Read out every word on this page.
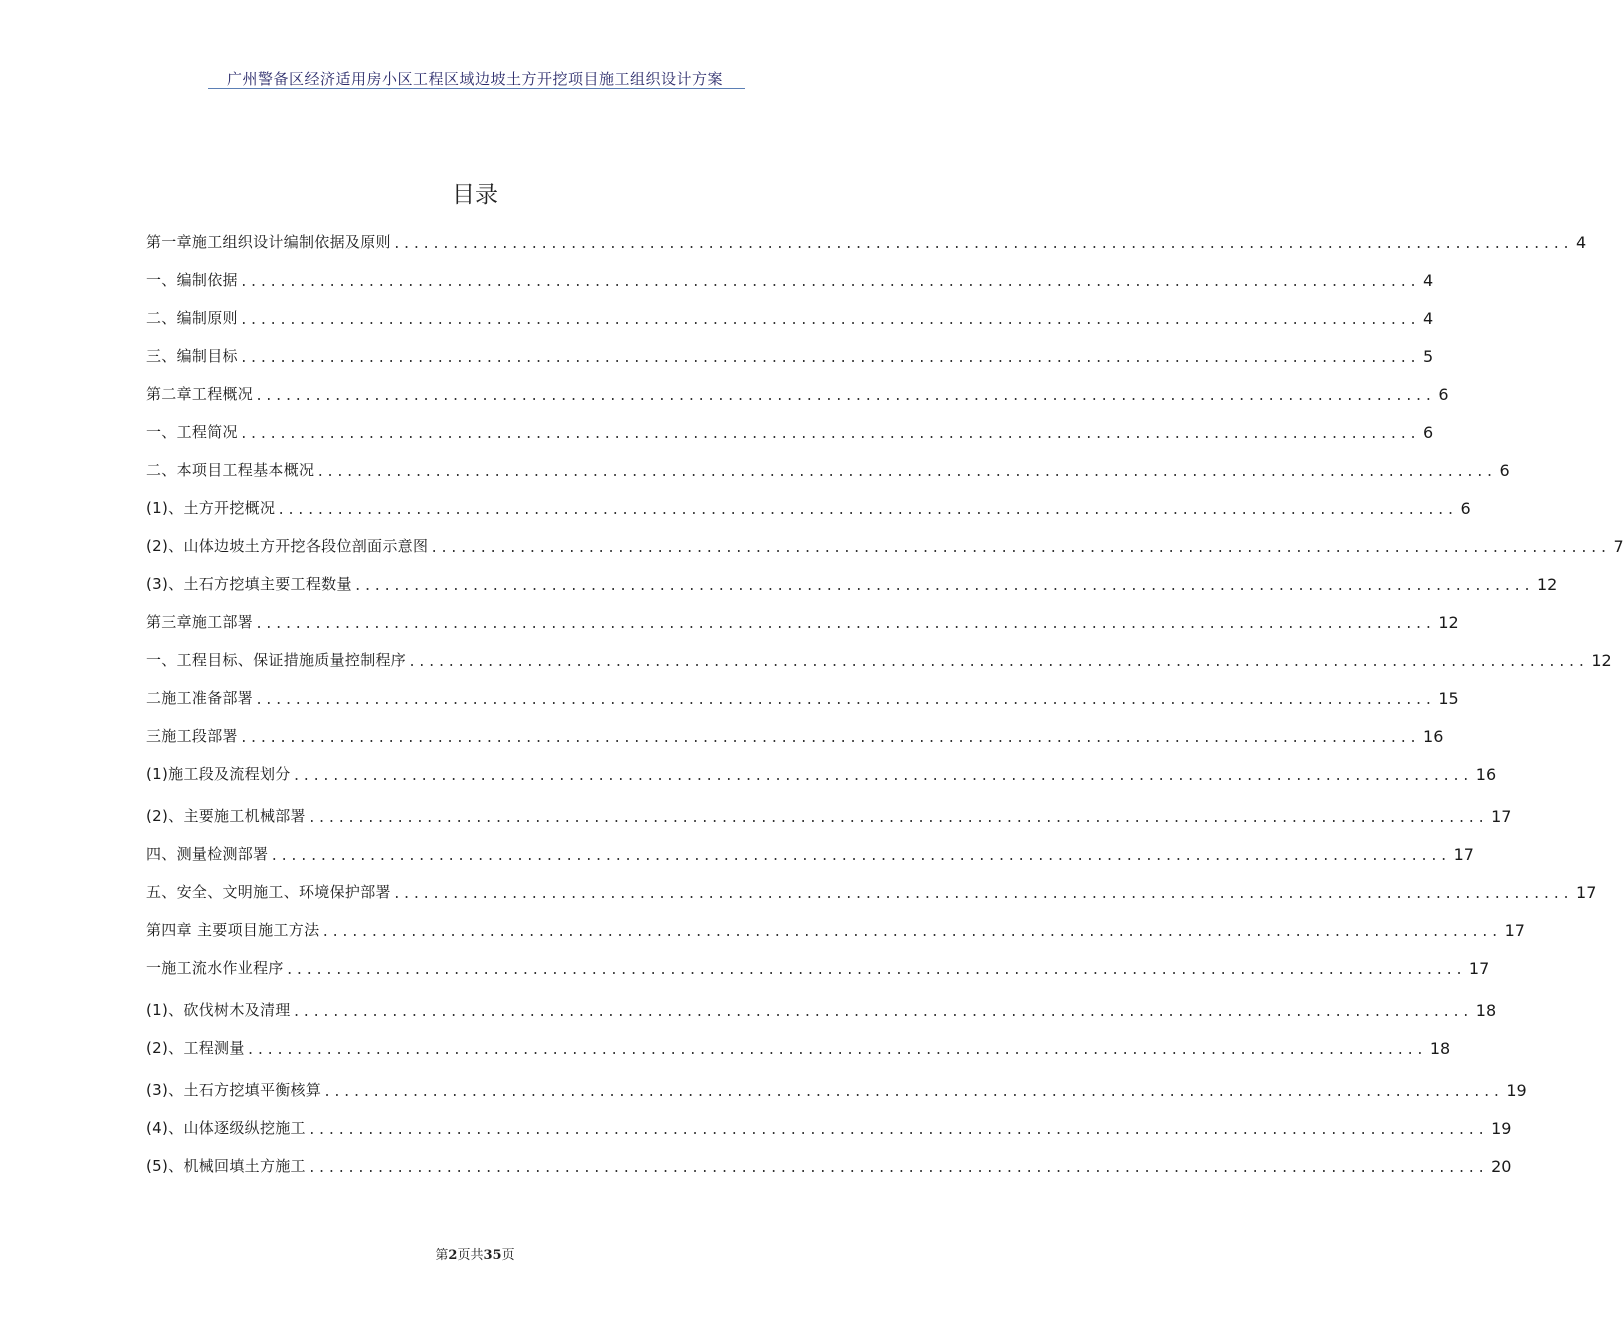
广州警备区经济适用房小区工程区域边坡土方开挖项目施工组织设计方案
目录
第一章施工组织设计编制依据及原则 ........................................................................................................................ 4
一、编制依据 ........................................................................................................................ 4
二、编制原则 ........................................................................................................................ 4
三、编制目标 ........................................................................................................................ 5
第二章工程概况 ........................................................................................................................ 6
一、工程简况 ........................................................................................................................ 6
二、本项目工程基本概况 ........................................................................................................................ 6
(1)、土方开挖概况 ........................................................................................................................ 6
(2)、山体边坡土方开挖各段位剖面示意图 ........................................................................................................................ 7
(3)、土石方挖填主要工程数量 ........................................................................................................................ 12
第三章施工部署 ........................................................................................................................ 12
一、工程目标、保证措施质量控制程序 ........................................................................................................................ 12
二施工准备部署 ........................................................................................................................ 15
三施工段部署 ........................................................................................................................ 16
(1)施工段及流程划分 ........................................................................................................................ 16
(2)、主要施工机械部署 ........................................................................................................................ 17
四、测量检测部署 ........................................................................................................................ 17
五、安全、文明施工、环境保护部署 ........................................................................................................................ 17
第四章 主要项目施工方法 ........................................................................................................................ 17
一施工流水作业程序 ........................................................................................................................ 17
(1)、砍伐树木及清理 ........................................................................................................................ 18
(2)、工程测量 ........................................................................................................................ 18
(3)、土石方挖填平衡核算 ........................................................................................................................ 19
(4)、山体逐级纵挖施工 ........................................................................................................................ 19
(5)、机械回填土方施工 ........................................................................................................................ 20
第2页共35页
